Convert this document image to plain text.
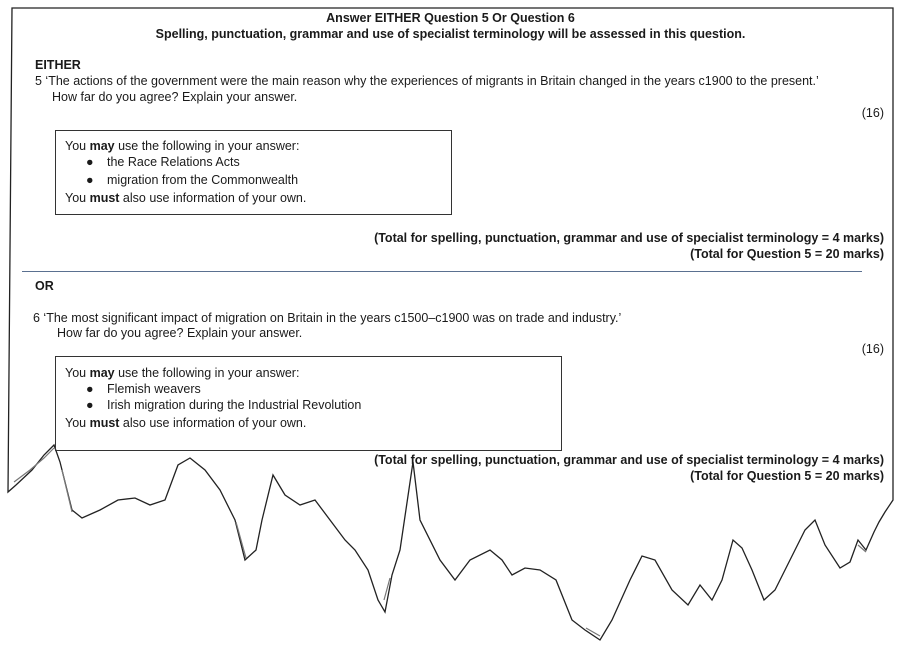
Answer EITHER Question 5 Or Question 6
Spelling, punctuation, grammar and use of specialist terminology will be assessed in this question.
EITHER
5 ‘The actions of the government were the main reason why the experiences of migrants in Britain changed in the years c1900 to the present.’
How far do you agree? Explain your answer.
(16)
You may use the following in your answer:
● the Race Relations Acts
● migration from the Commonwealth
You must also use information of your own.
(Total for spelling, punctuation, grammar and use of specialist terminology = 4 marks)
(Total for Question 5 = 20 marks)
OR
6 ‘The most significant impact of migration on Britain in the years c1500–c1900 was on trade and industry.’
How far do you agree? Explain your answer.
(16)
You may use the following in your answer:
● Flemish weavers
● Irish migration during the Industrial Revolution
You must also use information of your own.
(Total for spelling, punctuation, grammar and use of specialist terminology = 4 marks)
(Total for Question 5 = 20 marks)
